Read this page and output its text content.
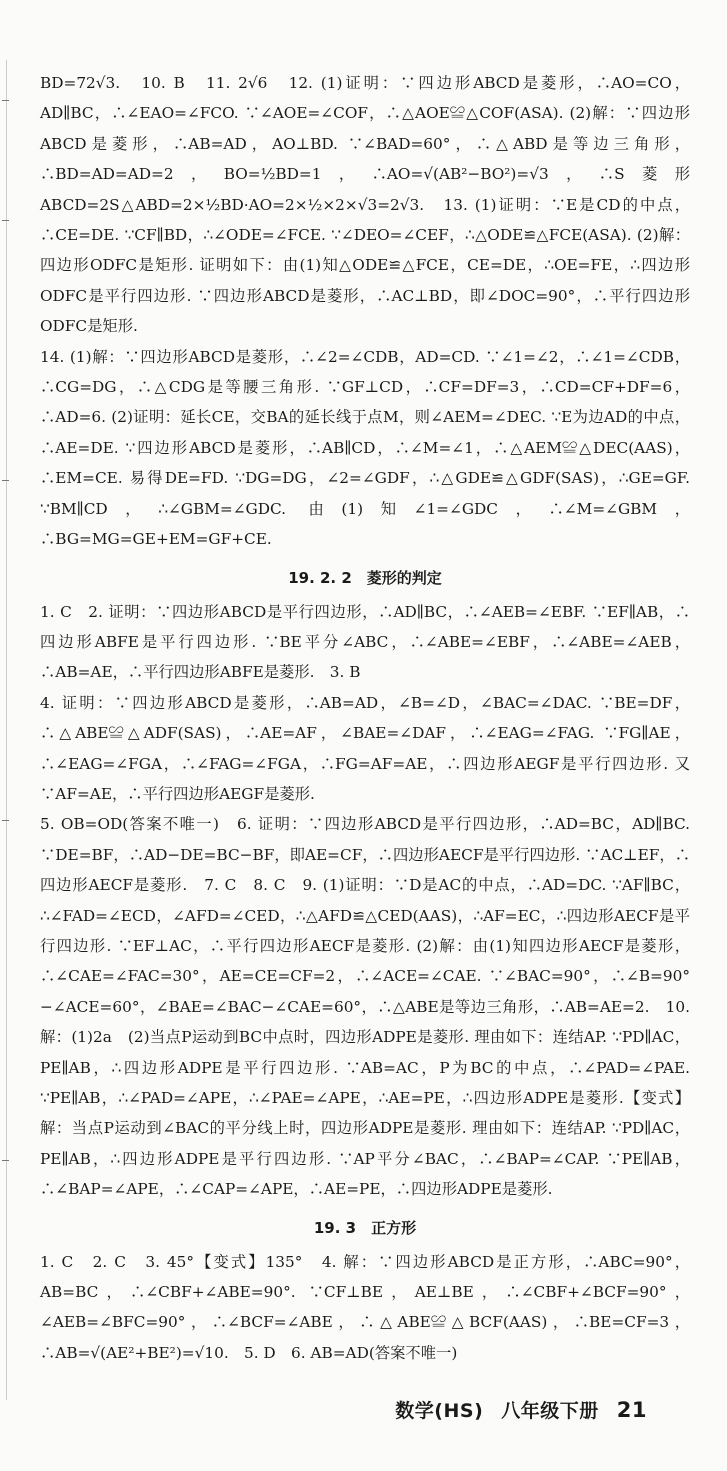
BD=72√3.　10. B　11. 2√6　12. (1)证明：∵四边形ABCD是菱形，∴AO=CO，AD∥BC，∴∠EAO=∠FCO. ∵∠AOE=∠COF，∴△AOE≌△COF(ASA). (2)解：∵四边形ABCD是菱形，∴AB=AD，AO⊥BD. ∵∠BAD=60°，∴△ABD是等边三角形，∴BD=AD=AD=2，BO=½BD=1，∴AO=√(AB²−BO²)=√3，∴S菱形ABCD=2S△ABD=2×½BD·AO=2×½×2×√3=2√3.　13. (1)证明：∵E是CD的中点，∴CE=DE. ∵CF∥BD，∴∠ODE=∠FCE. ∵∠DEO=∠CEF，∴△ODE≌△FCE(ASA). (2)解：四边形ODFC是矩形. 证明如下：由(1)知△ODE≌△FCE，CE=DE，∴OE=FE，∴四边形ODFC是平行四边形. ∵四边形ABCD是菱形，∴AC⊥BD，即∠DOC=90°，∴平行四边形ODFC是矩形.

14. (1)解：∵四边形ABCD是菱形，∴∠2=∠CDB，AD=CD. ∵∠1=∠2，∴∠1=∠CDB，∴CG=DG，∴△CDG是等腰三角形. ∵GF⊥CD，∴CF=DF=3，∴CD=CF+DF=6，∴AD=6. (2)证明：延长CE，交BA的延长线于点M，则∠AEM=∠DEC. ∵E为边AD的中点，∴AE=DE. ∵四边形ABCD是菱形，∴AB∥CD，∴∠M=∠1，∴△AEM≌△DEC(AAS)，∴EM=CE. 易得DE=FD. ∵DG=DG，∠2=∠GDF，∴△GDE≌△GDF(SAS)，∴GE=GF. ∵BM∥CD，∴∠GBM=∠GDC. 由(1)知∠1=∠GDC，∴∠M=∠GBM，∴BG=MG=GE+EM=GF+CE.

19. 2. 2　菱形的判定

1. C　2. 证明：∵四边形ABCD是平行四边形，∴AD∥BC，∴∠AEB=∠EBF. ∵EF∥AB，∴四边形ABFE是平行四边形. ∵BE平分∠ABC，∴∠ABE=∠EBF，∴∠ABE=∠AEB，∴AB=AE，∴平行四边形ABFE是菱形.　3. B

4. 证明：∵四边形ABCD是菱形，∴AB=AD，∠B=∠D，∠BAC=∠DAC. ∵BE=DF，∴△ABE≌△ADF(SAS)，∴AE=AF，∠BAE=∠DAF，∴∠EAG=∠FAG. ∵FG∥AE，∴∠EAG=∠FGA，∴∠FAG=∠FGA，∴FG=AF=AE，∴四边形AEGF是平行四边形. 又∵AF=AE，∴平行四边形AEGF是菱形.

5. OB=OD(答案不唯一)　6. 证明：∵四边形ABCD是平行四边形，∴AD=BC，AD∥BC. ∵DE=BF，∴AD−DE=BC−BF，即AE=CF，∴四边形AECF是平行四边形. ∵AC⊥EF，∴四边形AECF是菱形.　7. C　8. C　9. (1)证明：∵D是AC的中点，∴AD=DC. ∵AF∥BC，∴∠FAD=∠ECD，∠AFD=∠CED，∴△AFD≌△CED(AAS)，∴AF=EC，∴四边形AECF是平行四边形. ∵EF⊥AC，∴平行四边形AECF是菱形. (2)解：由(1)知四边形AECF是菱形，∴∠CAE=∠FAC=30°，AE=CE=CF=2，∴∠ACE=∠CAE. ∵∠BAC=90°，∴∠B=90°−∠ACE=60°，∠BAE=∠BAC−∠CAE=60°，∴△ABE是等边三角形，∴AB=AE=2.　10. 解：(1)2a　(2)当点P运动到BC中点时，四边形ADPE是菱形. 理由如下：连结AP. ∵PD∥AC，PE∥AB，∴四边形ADPE是平行四边形. ∵AB=AC，P为BC的中点，∴∠PAD=∠PAE. ∵PE∥AB，∴∠PAD=∠APE，∴∠PAE=∠APE，∴AE=PE，∴四边形ADPE是菱形.【变式】解：当点P运动到∠BAC的平分线上时，四边形ADPE是菱形. 理由如下：连结AP. ∵PD∥AC，PE∥AB，∴四边形ADPE是平行四边形. ∵AP平分∠BAC，∴∠BAP=∠CAP. ∵PE∥AB，∴∠BAP=∠APE，∴∠CAP=∠APE，∴AE=PE，∴四边形ADPE是菱形.

19. 3　正方形

1. C　2. C　3. 45°【变式】135°　4. 解：∵四边形ABCD是正方形，∴ABC=90°，AB=BC，∴∠CBF+∠ABE=90°. ∵CF⊥BE，AE⊥BE，∴∠CBF+∠BCF=90°，∠AEB=∠BFC=90°，∴∠BCF=∠ABE，∴△ABE≌△BCF(AAS)，∴BE=CF=3，∴AB=√(AE²+BE²)=√10.　5. D　6. AB=AD(答案不唯一)

数学(HS) 八年级下册 21
